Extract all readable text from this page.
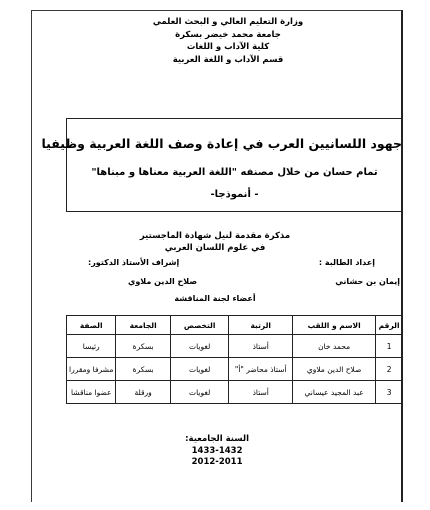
وزارة التعليم العالي و البحث العلمي
جامعة محمد خيضر بسكرة
كلية الآداب و اللغات
قسم الآداب و اللغة العربية
جهود اللسانيين العرب في إعادة وصف اللغة العربية وظيفيا
تمام حسان من خلال مصنفه "اللغة العربية معناها و مبناها"
- أنموذجا-
مذكرة مقدمة لنيل شهادة الماجستير
في علوم اللسان العربي
إعداد الطالبة :
إشراف الأستاذ الدكتور:
إيمان بن حشاني
صلاح الدين ملاوي
أعضاء لجنة المناقشة
الرقم	الاسم و اللقب	الرتبة	التخصص	الجامعة	الصفة
1	محمد خان	أستاذ	لغويات	بسكرة	رئيسا
2	صلاح الدين ملاوي	أستاذ محاضر "أ"	لغويات	بسكرة	مشرفا ومقررا
3	عبد المجيد عيساني	أستاذ	لغويات	ورقلة	عضوا مناقشا
السنة الجامعية:
1433-1432
2012-2011
